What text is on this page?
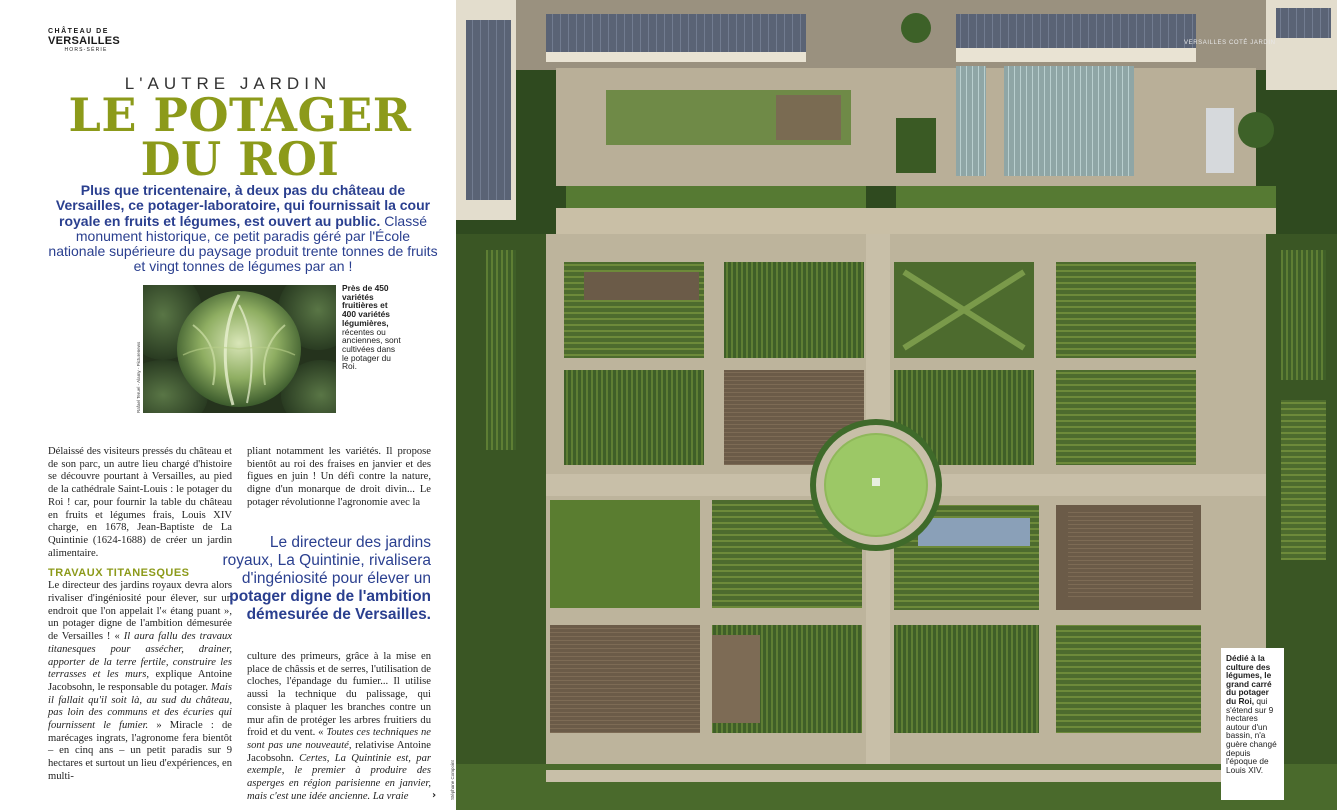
CHÂTEAU DE
VERSAILLES
HORS-SÉRIE
L'AUTRE JARDIN
LE POTAGER
DU ROI
Plus que tricentenaire, à deux pas du château de Versailles, ce potager-laboratoire, qui fournissait la cour royale en fruits et légumes, est ouvert au public. Classé monument historique, ce petit paradis géré par l'École nationale supérieure du paysage produit trente tonnes de fruits et vingt tonnes de légumes par an !
Rafael Teruel - Alamy - Picturenews
Près de 450 variétés fruitières et 400 variétés légumières, récentes ou anciennes, sont cultivées dans le potager du Roi.

Délaissé des visiteurs pressés du château et de son parc, un autre lieu chargé d'histoire se découvre pourtant à Versailles, au pied de la cathédrale Saint-Louis : le potager du Roi ! car, pour fournir la table du château en fruits et légumes frais, Louis XIV charge, en 1678, Jean-Baptiste de La Quintinie (1624-1688) de créer un jardin alimentaire.

TRAVAUX TITANESQUES

Le directeur des jardins royaux devra alors rivaliser d'ingéniosité pour élever, sur un endroit que l'on appelait l'« étang puant », un potager digne de l'ambition démesurée de Versailles ! « Il aura fallu des travaux titanesques pour assécher, drainer, apporter de la terre fertile, construire les terrasses et les murs, explique Antoine Jacobsohn, le responsable du potager. Mais il fallait qu'il soit là, au sud du château, pas loin des communs et des écuries qui fournissent le fumier. » Miracle : de marécages ingrats, l'agronome fera bientôt – en cinq ans – un petit paradis sur 9 hectares et surtout un lieu d'expériences, en multi-

pliant notamment les variétés. Il propose bientôt au roi des fraises en janvier et des figues en juin ! Un défi contre la nature, digne d'un monarque de droit divin... Le potager révolutionne l'agronomie avec la

Le directeur des jardins royaux, La Quintinie, rivalisera d'ingéniosité pour élever un potager digne de l'ambition démesurée de Versailles.

culture des primeurs, grâce à la mise en place de châssis et de serres, l'utilisation de cloches, l'épandage du fumier... Il utilise aussi la technique du palissage, qui consiste à plaquer les branches contre un mur afin de protéger les arbres fruitiers du froid et du vent. « Toutes ces techniques ne sont pas une nouveauté, relativise Antoine Jacobsohn. Certes, La Quintinie est, par exemple, le premier à produire des asperges en région parisienne en janvier, mais c'est une idée ancienne. La vraie	Stéphane Compoint
›
VERSAILLES COTÉ JARDIN
Dédié à la culture des légumes, le grand carré du potager du Roi, qui s'étend sur 9 hectares autour d'un bassin, n'a guère changé depuis l'époque de Louis XIV.
